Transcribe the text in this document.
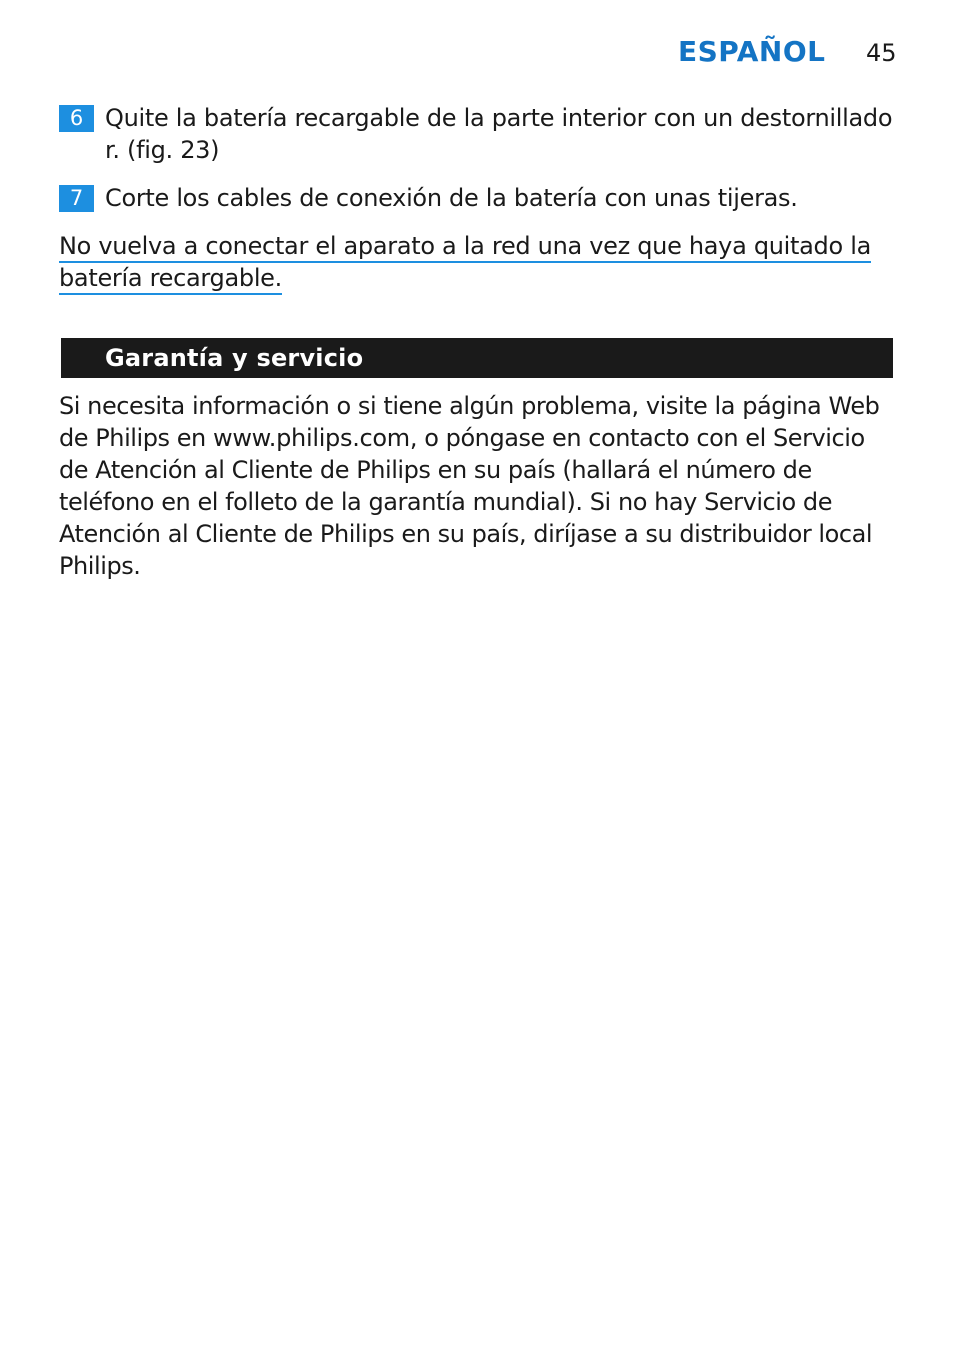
ESPAÑOL 45
6 Quite la batería recargable de la parte interior con un destornillado r. (fig. 23)
7 Corte los cables de conexión de la batería con unas tijeras.
No vuelva a conectar el aparato a la red una vez que haya quitado la batería recargable.
Garantía y servicio
Si necesita información o si tiene algún problema, visite la página Web de Philips en www.philips.com, o póngase en contacto con el Servicio de Atención al Cliente de Philips en su país (hallará el número de teléfono en el folleto de la garantía mundial). Si no hay Servicio de Atención al Cliente de Philips en su país, diríjase a su distribuidor local Philips.
